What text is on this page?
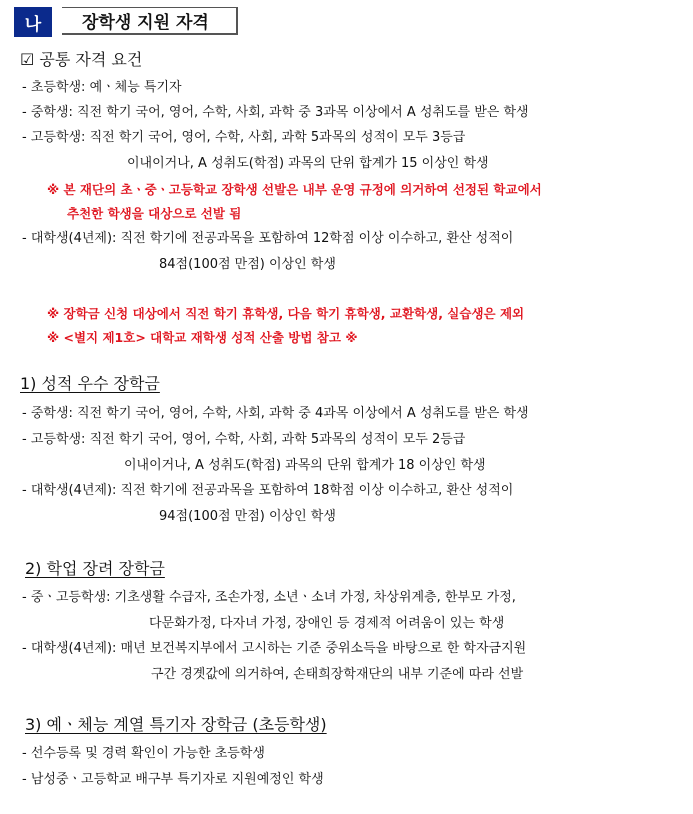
나	장학생 지원 자격
☑ 공통 자격 요건
- 초등학생: 예ㆍ체능 특기자
- 중학생: 직전 학기 국어, 영어, 수학, 사회, 과학 중 3과목 이상에서 A 성취도를 받은 학생
- 고등학생: 직전 학기 국어, 영어, 수학, 사회, 과학 5과목의 성적이 모두 3등급
이내이거나, A 성취도(학점) 과목의 단위 합계가 15 이상인 학생
※ 본 재단의 초ㆍ중ㆍ고등학교 장학생 선발은 내부 운영 규정에 의거하여 선정된 학교에서
추천한 학생을 대상으로 선발 됨
- 대학생(4년제): 직전 학기에 전공과목을 포함하여 12학점 이상 이수하고, 환산 성적이
84점(100점 만점) 이상인 학생
※ 장학금 신청 대상에서 직전 학기 휴학생, 다음 학기 휴학생, 교환학생, 실습생은 제외
※ <별지 제1호> 대학교 재학생 성적 산출 방법 참고 ※
1) 성적 우수 장학금
- 중학생: 직전 학기 국어, 영어, 수학, 사회, 과학 중 4과목 이상에서 A 성취도를 받은 학생
- 고등학생: 직전 학기 국어, 영어, 수학, 사회, 과학 5과목의 성적이 모두 2등급
이내이거나, A 성취도(학점) 과목의 단위 합계가 18 이상인 학생
- 대학생(4년제): 직전 학기에 전공과목을 포함하여 18학점 이상 이수하고, 환산 성적이
94점(100점 만점) 이상인 학생
2) 학업 장려 장학금
- 중ㆍ고등학생: 기초생활 수급자, 조손가정, 소년ㆍ소녀 가정, 차상위계층, 한부모 가정,
다문화가정, 다자녀 가정, 장애인 등 경제적 어려움이 있는 학생
- 대학생(4년제): 매년 보건복지부에서 고시하는 기준 중위소득을 바탕으로 한 학자금지원
구간 경곗값에 의거하여, 손태희장학재단의 내부 기준에 따라 선발
3) 예ㆍ체능 계열 특기자 장학금 (초등학생)
- 선수등록 및 경력 확인이 가능한 초등학생
- 남성중ㆍ고등학교 배구부 특기자로 지원예정인 학생
